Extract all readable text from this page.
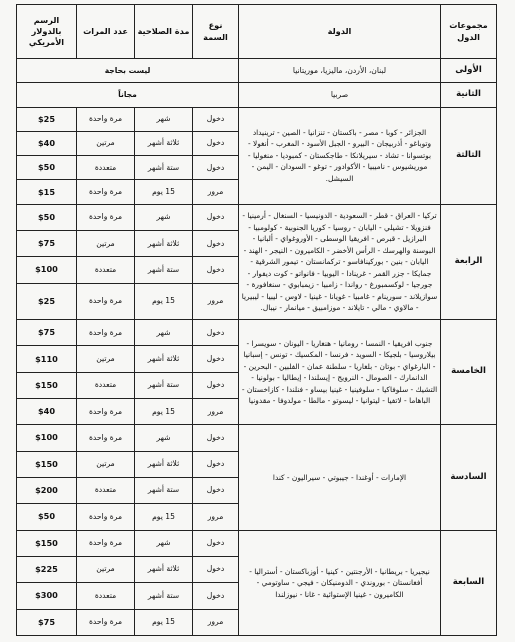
مجموعات الدول	الدولة	نوع السمة	مدة الصلاحية	عدد المرات	الرسم بالدولار الأمريكي
الأولى	لبنان، الأردن، ماليزيا، موريتانيا	ليست بحاجة			
الثانية	صربيا	مجاناً			
الثالثة	الجزائر - كوبا - مصر - باكستان - تنزانيا - الصين - ترينيداد وتوباغو - أذربيجان - البيرو - الجبل الأسود - المغرب - أنغولا - بوتسوانا - تشاد - سيريلانكا - طاجكستان - كمبوديا - منغوليا - موريشيوس - ناميبيا - الأكوادور - توغو - السودان - اليمن - السيشل.	دخول	شهر	مرة واحدة	$25
		دخول	ثلاثة أشهر	مرتين	$40
		دخول	ستة أشهر	متعددة	$50
		مرور	15 يوم	مرة واحدة	$15
الرابعة	تركيا - العراق - قطر - السعودية - الدونيسيا - السنغال - أرمينيا - فنزويلا - تشيلي - اليابان - روسيا - كوريا الجنوبية - كولومبيا - البرازيل - قبرص - افريقيا الوسطى - الأوروغواي - ألبانيا - البوسنة والهرسك - الرأس الأخضر - الكاميرون - النيجر - الهند - اليابان - بنين - بوركينافاسو - تركمانستان - تيمور الشرقية - جمايكا - جزر القمر - غرينادا - اليوبيا - فانواتو - كوت ديفوار - جورجيا - لوكسمبورغ - رواندا - زامبيا - زيمبابوي - سنغافورة - سوازيلاند - سورينام - غامبيا - غويانا - غينيا - لاوس - ليبيا - ليبيريا - مالاوي - مالي - تايلاند - موزامبيق - ميانمار - نيبال.	دخول	شهر	مرة واحدة	$50
		دخول	ثلاثة أشهر	مرتين	$75
		دخول	ستة أشهر	متعددة	$100
		مرور	15 يوم	مرة واحدة	$25
الخامسة	جنوب افريقيا - النمسا - رومانيا - هنغاريا - اليونان - سويسرا - بيلاروسيا - بلجيكا - السويد - فرنسا - المكسيك - تونس - إسبانيا - البارغواي - بوتان - بلغاريا - سلطنة عمان - الفلبين - البحرين - الدانمارك - الصومال - النرويج - إيسلندا - إيطاليا - بولونيا - التشيك - سلوفاكيا - سلوفينيا - غينيا بيساو - فنلندا - كازاخستان - الباهاما - لاتفيا - ليتوانيا - ليسوتو - مالطا - مولدوفا - مقدونيا	دخول	شهر	مرة واحدة	$75
		دخول	ثلاثة أشهر	مرتين	$110
		دخول	ستة أشهر	متعددة	$150
		مرور	15 يوم	مرة واحدة	$40
السادسة	الإمارات - أوغندا - جيبوتي - سيراليون - كندا	دخول	شهر	مرة واحدة	$100
		دخول	ثلاثة أشهر	مرتين	$150
		دخول	ستة أشهر	متعددة	$200
		مرور	15 يوم	مرة واحدة	$50
السابعة	نيجيريا - بريطانيا - الأرجنتين - كينيا - أوزباكستان - أستراليا - أفغانستان - بوروندي - الدومنيكان - فيجي - ساوتومي - الكاميرون - غينيا الإستوائية - غانا - نيوزلندا	دخول	شهر	مرة واحدة	$150
		دخول	ثلاثة أشهر	مرتين	$225
		دخول	ستة أشهر	متعددة	$300
		مرور	15 يوم	مرة واحدة	$75
